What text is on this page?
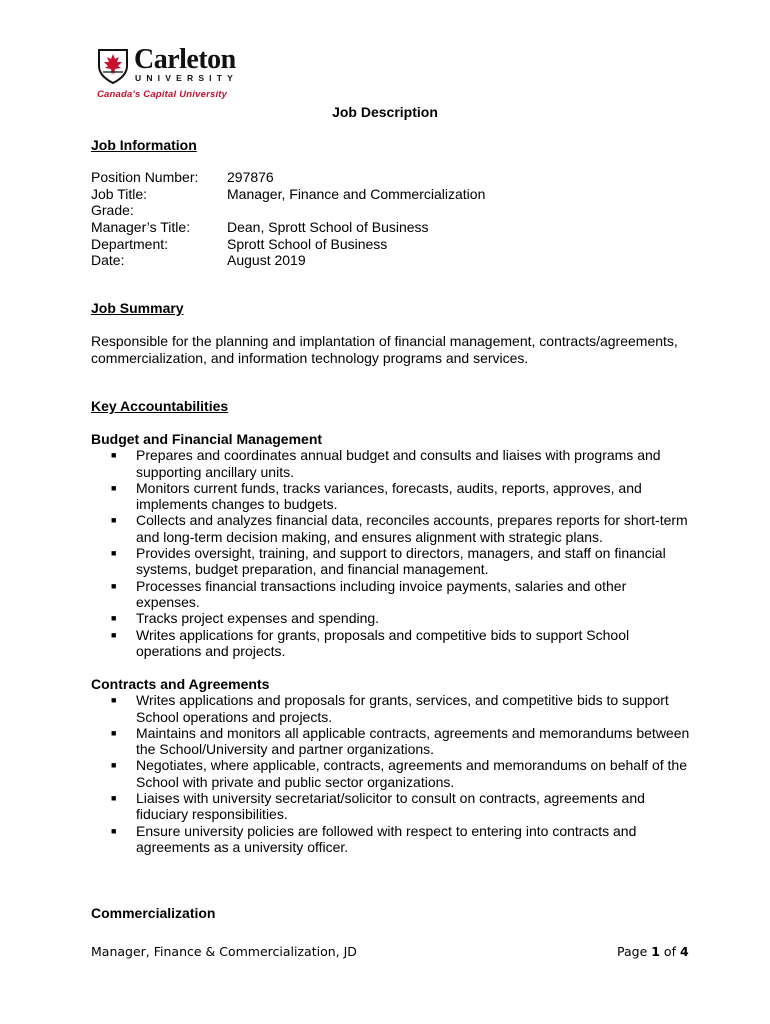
Carleton
UNIVERSITY
Canada's Capital University
Job Description
Job Information
Position Number:	297876
Job Title:	Manager, Finance and Commercialization
Grade:
Manager’s Title:	Dean, Sprott School of Business
Department:	Sprott School of Business
Date:	August 2019
Job Summary
Responsible for the planning and implantation of financial management, contracts/agreements, commercialization, and information technology programs and services.
Key Accountabilities
Budget and Financial Management
■ Prepares and coordinates annual budget and consults and liaises with programs and supporting ancillary units.
■ Monitors current funds, tracks variances, forecasts, audits, reports, approves, and implements changes to budgets.
■ Collects and analyzes financial data, reconciles accounts, prepares reports for short-term and long-term decision making, and ensures alignment with strategic plans.
■ Provides oversight, training, and support to directors, managers, and staff on financial systems, budget preparation, and financial management.
■ Processes financial transactions including invoice payments, salaries and other expenses.
■ Tracks project expenses and spending.
■ Writes applications for grants, proposals and competitive bids to support School operations and projects.
Contracts and Agreements
■ Writes applications and proposals for grants, services, and competitive bids to support School operations and projects.
■ Maintains and monitors all applicable contracts, agreements and memorandums between the School/University and partner organizations.
■ Negotiates, where applicable, contracts, agreements and memorandums on behalf of the School with private and public sector organizations.
■ Liaises with university secretariat/solicitor to consult on contracts, agreements and fiduciary responsibilities.
■ Ensure university policies are followed with respect to entering into contracts and agreements as a university officer.
Commercialization
Manager, Finance & Commercialization, JD	Page 1 of 4
